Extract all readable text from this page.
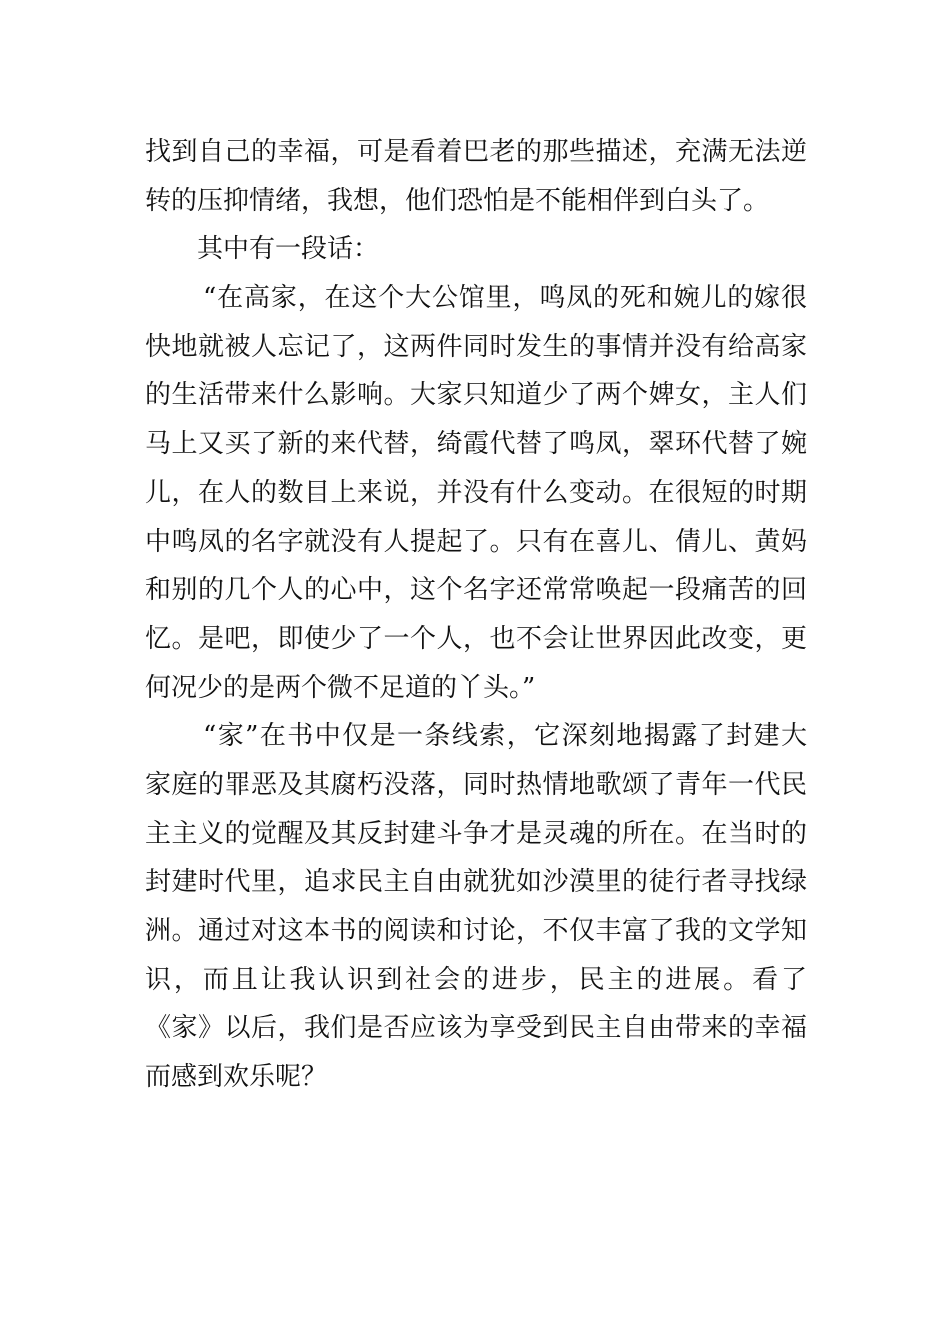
找到自己的幸福，可是看着巴老的那些描述，充满无法逆
转的压抑情绪，我想，他们恐怕是不能相伴到白头了。
其中有一段话：
“在高家，在这个大公馆里，鸣凤的死和婉儿的嫁很
快地就被人忘记了，这两件同时发生的事情并没有给高家
的生活带来什么影响。大家只知道少了两个婢女，主人们
马上又买了新的来代替，绮霞代替了鸣凤，翠环代替了婉
儿，在人的数目上来说，并没有什么变动。在很短的时期
中鸣凤的名字就没有人提起了。只有在喜儿、倩儿、黄妈
和别的几个人的心中，这个名字还常常唤起一段痛苦的回
忆。是吧，即使少了一个人，也不会让世界因此改变，更
何况少的是两个微不足道的丫头。”
“家”在书中仅是一条线索，它深刻地揭露了封建大
家庭的罪恶及其腐朽没落，同时热情地歌颂了青年一代民
主主义的觉醒及其反封建斗争才是灵魂的所在。在当时的
封建时代里，追求民主自由就犹如沙漠里的徒行者寻找绿
洲。通过对这本书的阅读和讨论，不仅丰富了我的文学知
识，而且让我认识到社会的进步，民主的进展。看了
《家》以后，我们是否应该为享受到民主自由带来的幸福
而感到欢乐呢？
